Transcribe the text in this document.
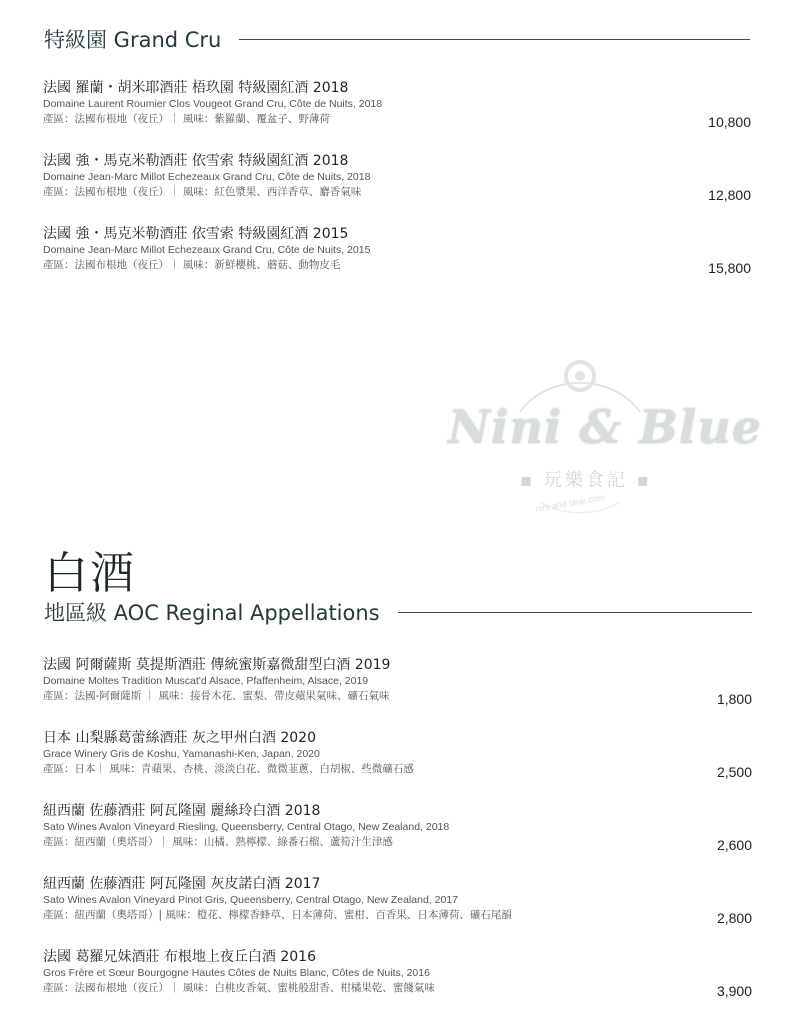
特級園 Grand Cru
法國 羅蘭・胡米耶酒莊 梧玖園 特級園紅酒 2018
Domaine Laurent Roumier Clos Vougeot Grand Cru, Côte de Nuits, 2018
產區：法國布根地（夜丘）｜ 風味：紫羅蘭、覆盆子、野薄荷	10,800
法國 強・馬克米勒酒莊 依雪索 特級園紅酒 2018
Domaine Jean-Marc Millot Echezeaux Grand Cru, Côte de Nuits, 2018
產區：法國布根地（夜丘）｜ 風味：紅色漿果、西洋香草、麝香氣味	12,800
法國 強・馬克米勒酒莊 依雪索 特級園紅酒 2015
Domaine Jean-Marc Millot Echezeaux Grand Cru, Côte de Nuits, 2015
產區：法國布根地（夜丘）｜ 風味：新鮮櫻桃、蘑菇、動物皮毛	15,800
Nini & Blue
▪ 玩樂食記 ▪
nini and blue.com
白酒
地區級 AOC Reginal Appellations
法國 阿爾薩斯 莫提斯酒莊 傳統蜜斯嘉微甜型白酒 2019
Domaine Moltes Tradition Muscat'd Alsace, Pfaffenheim, Alsace, 2019
產區：法國-阿爾薩斯 ｜ 風味：接骨木花、蜜梨、帶皮蘋果氣味、礦石氣味	1,800
日本 山梨縣葛蕾絲酒莊 灰之甲州白酒 2020
Grace Winery Gris de Koshu, Yamanashi-Ken, Japan, 2020
產區：日本｜ 風味：青蘋果、杏桃、淡淡白花、微微韮蔥、白胡椒、些微礦石感	2,500
紐西蘭 佐藤酒莊 阿瓦隆園 麗絲玲白酒 2018
Sato Wines Avalon Vineyard Riesling, Queensberry, Central Otago, New Zealand, 2018
產區：紐西蘭（奧塔哥）｜ 風味：山橘、熟檸檬、綠番石榴、蘆筍汁生津感	2,600
紐西蘭 佐藤酒莊 阿瓦隆園 灰皮諾白酒 2017
Sato Wines Avalon Vineyard Pinot Gris, Queensberry, Central Otago, New Zealand, 2017
產區：紐西蘭（奧塔哥）| 風味：橙花、檸檬香蜂草、日本薄荷、蜜柑、百香果、日本薄荷、礦石尾韻	2,800
法國 葛羅兄妹酒莊 布根地上夜丘白酒 2016
Gros Frère et Sœur Bourgogne Hautes Côtes de Nuits Blanc, Côtes de Nuits, 2016
產區：法國布根地（夜丘）｜ 風味：白桃皮香氣、蜜桃般甜香、柑橘果乾、蜜餞氣味	3,900
